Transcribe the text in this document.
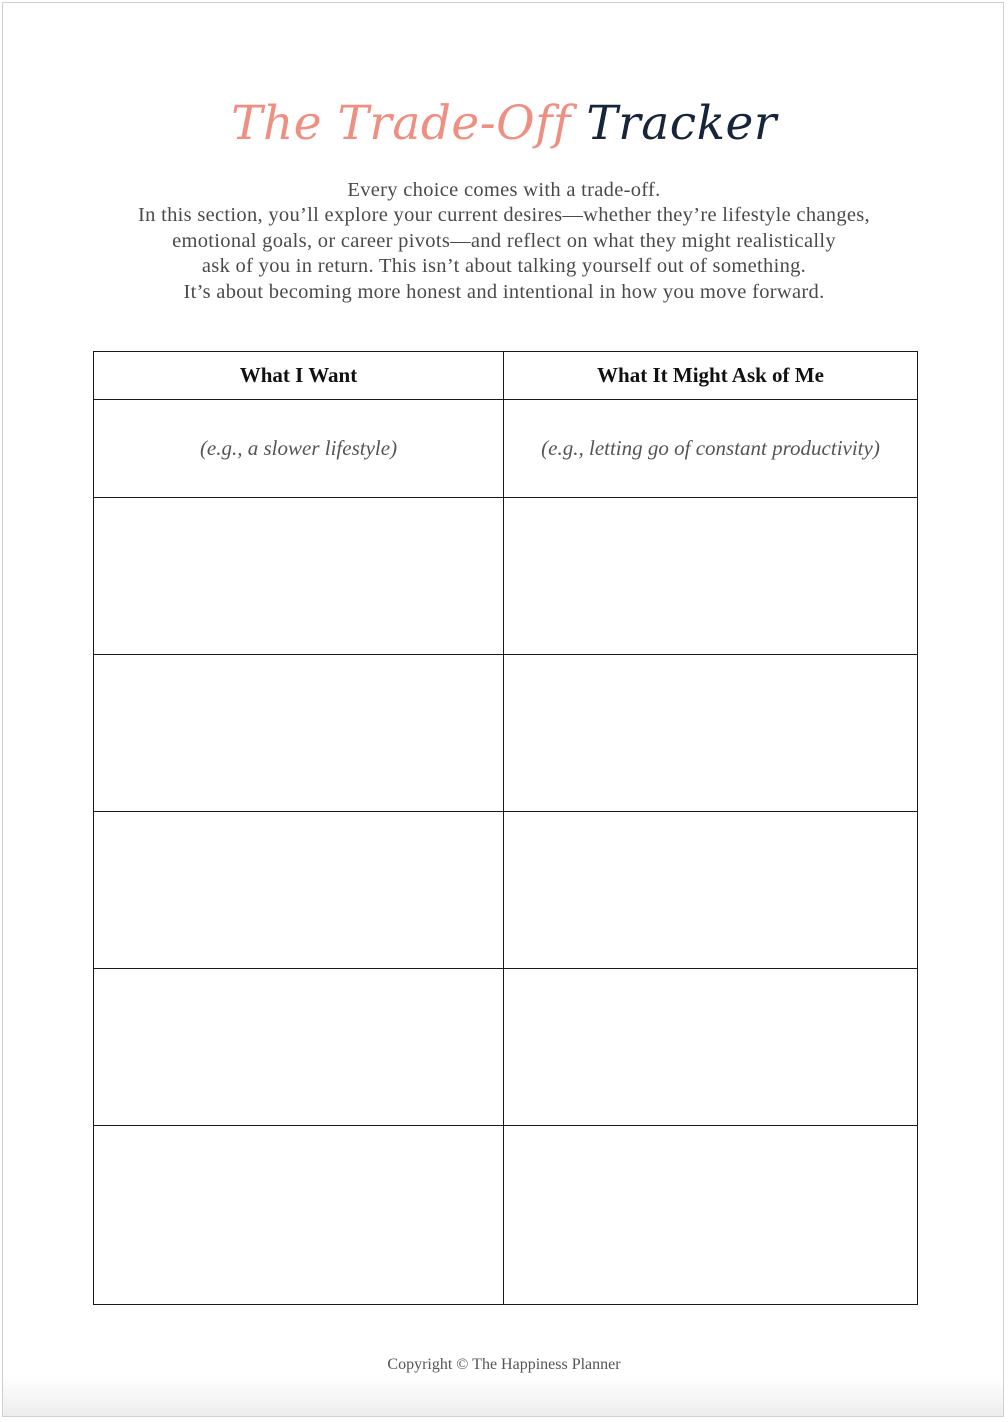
The Trade-Off Tracker
Every choice comes with a trade-off.
In this section, you’ll explore your current desires—whether they’re lifestyle changes,
emotional goals, or career pivots—and reflect on what they might realistically
ask of you in return. This isn’t about talking yourself out of something.
It’s about becoming more honest and intentional in how you move forward.
What I Want	What It Might Ask of Me
(e.g., a slower lifestyle)	(e.g., letting go of constant productivity)

Copyright © The Happiness Planner
